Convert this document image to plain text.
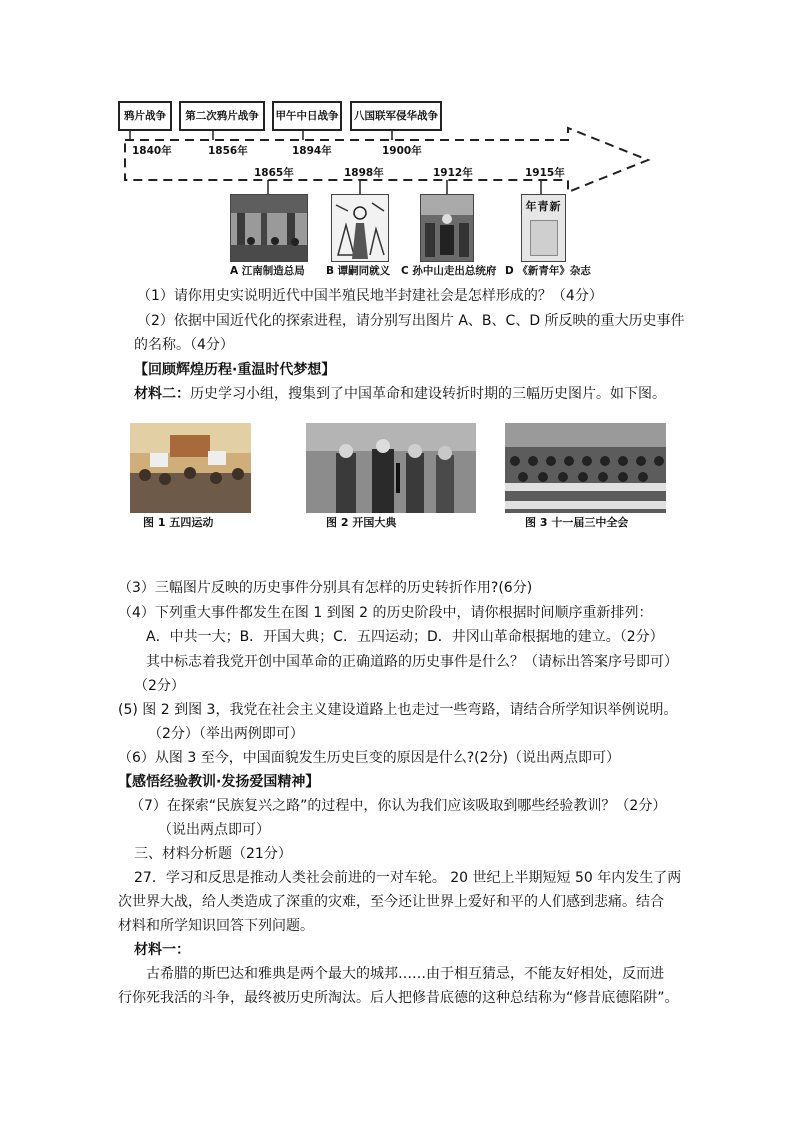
鸦片战争	第二次鸦片战争	甲午中日战争	八国联军侵华战争
1840年	1856年	1894年	1900年
1865年	1898年	1912年	1915年
年青新
A 江南制造总局 B 谭嗣同就义 C 孙中山走出总统府 D 《新青年》杂志
（1）请你用史实说明近代中国半殖民地半封建社会是怎样形成的？（4分）
（2）依据中国近代化的探索进程，请分别写出图片 A、B、C、D 所反映的重大历史事件
的名称。（4分）
【回顾辉煌历程·重温时代梦想】
材料二：历史学习小组，搜集到了中国革命和建设转折时期的三幅历史图片。如下图。
图 1 五四运动	图 2 开国大典	图 3 十一届三中全会
（3）三幅图片反映的历史事件分别具有怎样的历史转折作用?(6分)
（4）下列重大事件都发生在图 1 到图 2 的历史阶段中，请你根据时间顺序重新排列：
A．中共一大；B．开国大典；C．五四运动；D．井冈山革命根据地的建立。（2分）
其中标志着我党开创中国革命的正确道路的历史事件是什么？（请标出答案序号即可）
（2分）
(5) 图 2 到图 3，我党在社会主义建设道路上也走过一些弯路，请结合所学知识举例说明。
（2分）（举出两例即可）
（6）从图 3 至今，中国面貌发生历史巨变的原因是什么?(2分)（说出两点即可）
【感悟经验教训·发扬爱国精神】
（7）在探索“民族复兴之路”的过程中，你认为我们应该吸取到哪些经验教训？（2分）
（说出两点即可）
三、材料分析题（21分）
27．学习和反思是推动人类社会前进的一对车轮。 20 世纪上半期短短 50 年内发生了两
次世界大战，给人类造成了深重的灾难，至今还让世界上爱好和平的人们感到悲痛。结合
材料和所学知识回答下列问题。
材料一：
古希腊的斯巴达和雅典是两个最大的城邦……由于相互猜忌，不能友好相处，反而进
行你死我活的斗争，最终被历史所淘汰。后人把修昔底德的这种总结称为“修昔底德陷阱”。
